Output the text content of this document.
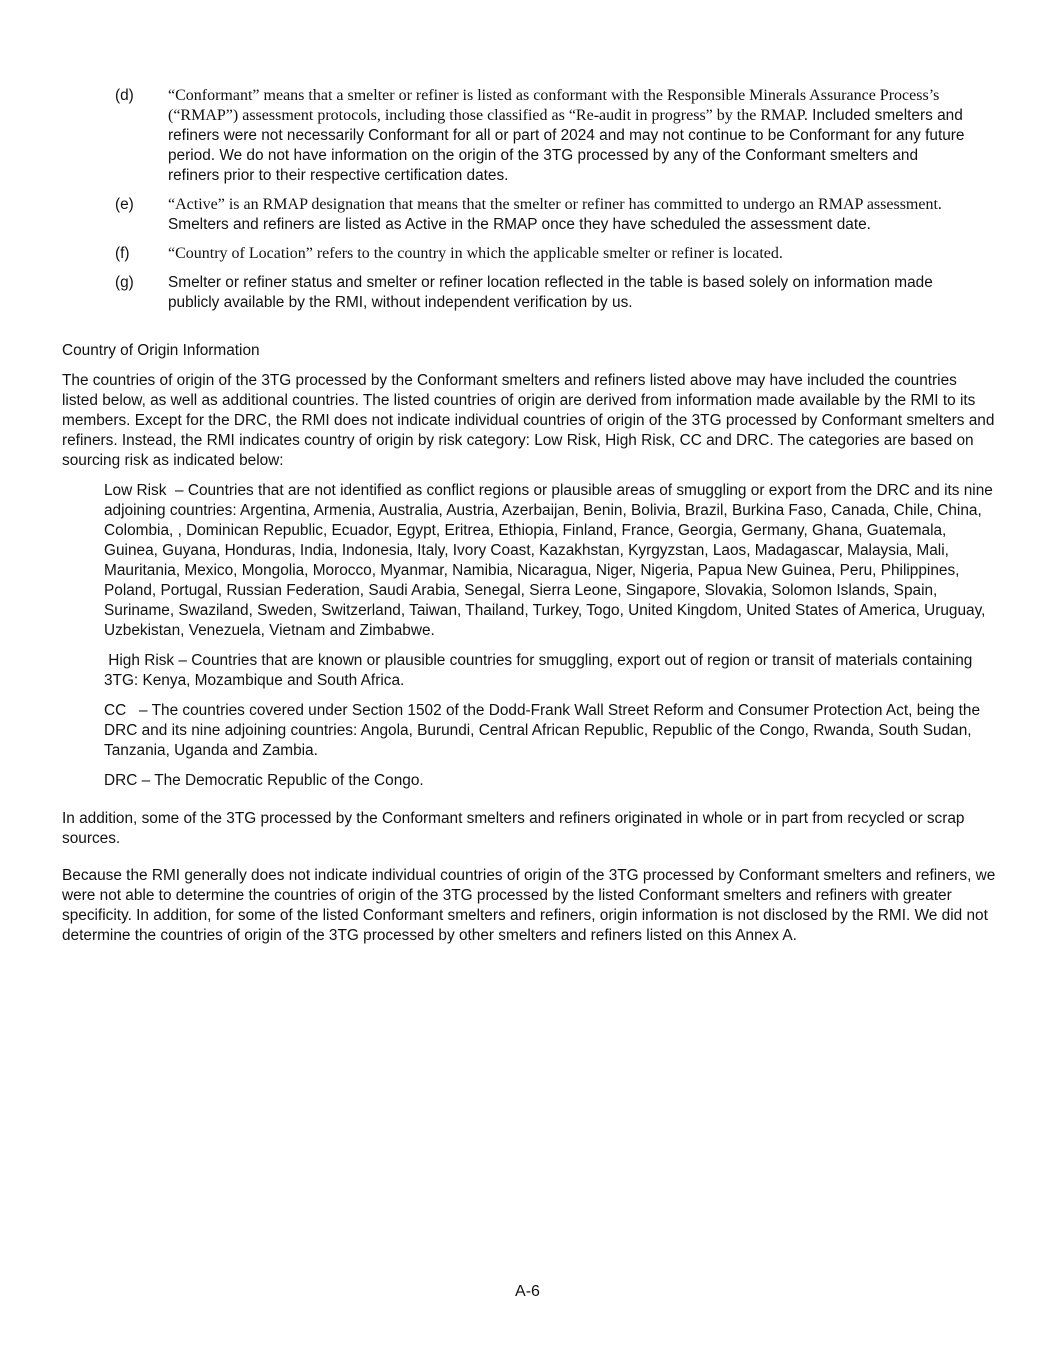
(d)	“Conformant” means that a smelter or refiner is listed as conformant with the Responsible Minerals Assurance Process’s (“RMAP”) assessment protocols, including those classified as “Re-audit in progress” by the RMAP. Included smelters and refiners were not necessarily Conformant for all or part of 2024 and may not continue to be Conformant for any future period. We do not have information on the origin of the 3TG processed by any of the Conformant smelters and refiners prior to their respective certification dates.
(e)	“Active” is an RMAP designation that means that the smelter or refiner has committed to undergo an RMAP assessment. Smelters and refiners are listed as Active in the RMAP once they have scheduled the assessment date.
(f)	“Country of Location” refers to the country in which the applicable smelter or refiner is located.
(g)	Smelter or refiner status and smelter or refiner location reflected in the table is based solely on information made publicly available by the RMI, without independent verification by us.
Country of Origin Information
The countries of origin of the 3TG processed by the Conformant smelters and refiners listed above may have included the countries listed below, as well as additional countries. The listed countries of origin are derived from information made available by the RMI to its members. Except for the DRC, the RMI does not indicate individual countries of origin of the 3TG processed by Conformant smelters and refiners. Instead, the RMI indicates country of origin by risk category: Low Risk, High Risk, CC and DRC. The categories are based on sourcing risk as indicated below:
Low Risk  – Countries that are not identified as conflict regions or plausible areas of smuggling or export from the DRC and its nine adjoining countries: Argentina, Armenia, Australia, Austria, Azerbaijan, Benin, Bolivia, Brazil, Burkina Faso, Canada, Chile, China, Colombia, , Dominican Republic, Ecuador, Egypt, Eritrea, Ethiopia, Finland, France, Georgia, Germany, Ghana, Guatemala, Guinea, Guyana, Honduras, India, Indonesia, Italy, Ivory Coast, Kazakhstan, Kyrgyzstan, Laos, Madagascar, Malaysia, Mali, Mauritania, Mexico, Mongolia, Morocco, Myanmar, Namibia, Nicaragua, Niger, Nigeria, Papua New Guinea, Peru, Philippines, Poland, Portugal, Russian Federation, Saudi Arabia, Senegal, Sierra Leone, Singapore, Slovakia, Solomon Islands, Spain, Suriname, Swaziland, Sweden, Switzerland, Taiwan, Thailand, Turkey, Togo, United Kingdom, United States of America, Uruguay, Uzbekistan, Venezuela, Vietnam and Zimbabwe.
High Risk – Countries that are known or plausible countries for smuggling, export out of region or transit of materials containing 3TG: Kenya, Mozambique and South Africa.
CC   – The countries covered under Section 1502 of the Dodd-Frank Wall Street Reform and Consumer Protection Act, being the DRC and its nine adjoining countries: Angola, Burundi, Central African Republic, Republic of the Congo, Rwanda, South Sudan, Tanzania, Uganda and Zambia.
DRC – The Democratic Republic of the Congo.
In addition, some of the 3TG processed by the Conformant smelters and refiners originated in whole or in part from recycled or scrap sources.
Because the RMI generally does not indicate individual countries of origin of the 3TG processed by Conformant smelters and refiners, we were not able to determine the countries of origin of the 3TG processed by the listed Conformant smelters and refiners with greater specificity. In addition, for some of the listed Conformant smelters and refiners, origin information is not disclosed by the RMI. We did not determine the countries of origin of the 3TG processed by other smelters and refiners listed on this Annex A.
A-6
